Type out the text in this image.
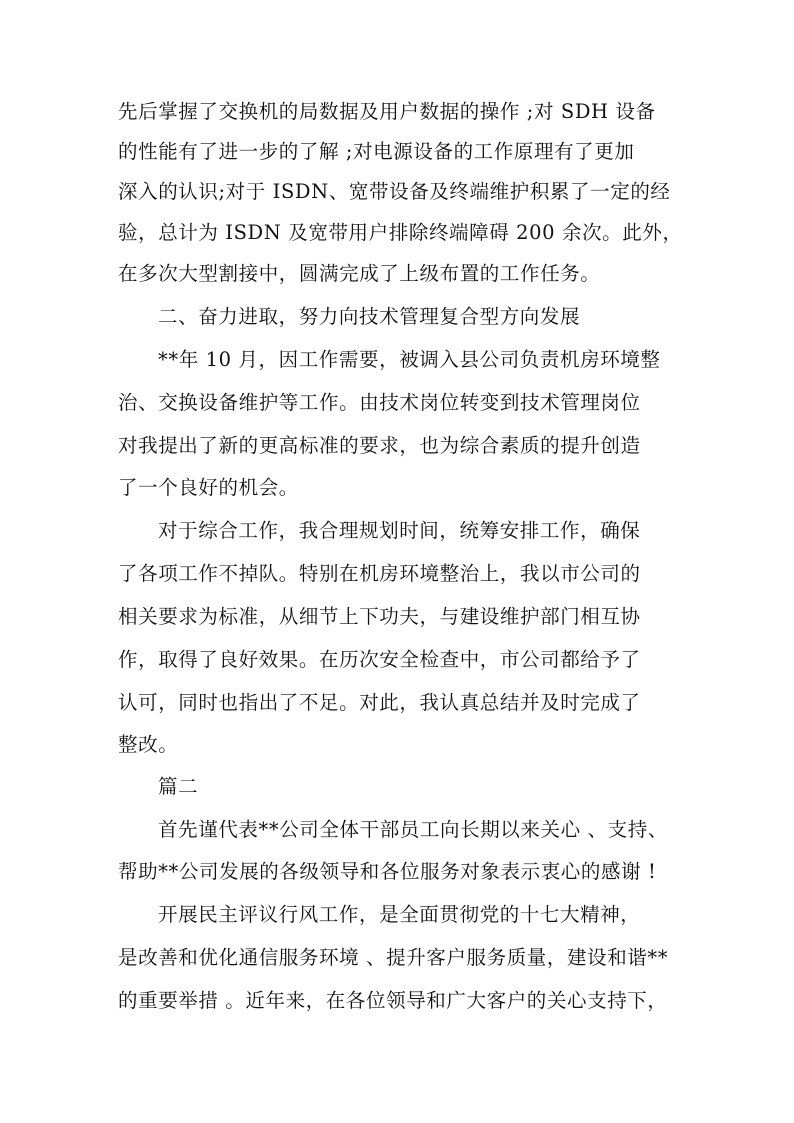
先后掌握了交换机的局数据及用户数据的操作 ;对 SDH 设备
的性能有了进一步的了解 ;对电源设备的工作原理有了更加
深入的认识;对于 ISDN、宽带设备及终端维护积累了一定的经
验，总计为 ISDN 及宽带用户排除终端障碍 200 余次。此外，
在多次大型割接中，圆满完成了上级布置的工作任务。
二、奋力进取，努力向技术管理复合型方向发展
**年 10 月，因工作需要，被调入县公司负责机房环境整
治、交换设备维护等工作。由技术岗位转变到技术管理岗位
对我提出了新的更高标准的要求，也为综合素质的提升创造
了一个良好的机会。
对于综合工作，我合理规划时间，统筹安排工作，确保
了各项工作不掉队。特别在机房环境整治上，我以市公司的
相关要求为标准，从细节上下功夫，与建设维护部门相互协
作，取得了良好效果。在历次安全检查中，市公司都给予了
认可，同时也指出了不足。对此，我认真总结并及时完成了
整改。
篇二
首先谨代表**公司全体干部员工向长期以来关心 、支持、
帮助**公司发展的各级领导和各位服务对象表示衷心的感谢 !
开展民主评议行风工作，是全面贯彻党的十七大精神，
是改善和优化通信服务环境 、提升客户服务质量，建设和谐**
的重要举措 。近年来，在各位领导和广大客户的关心支持下，
